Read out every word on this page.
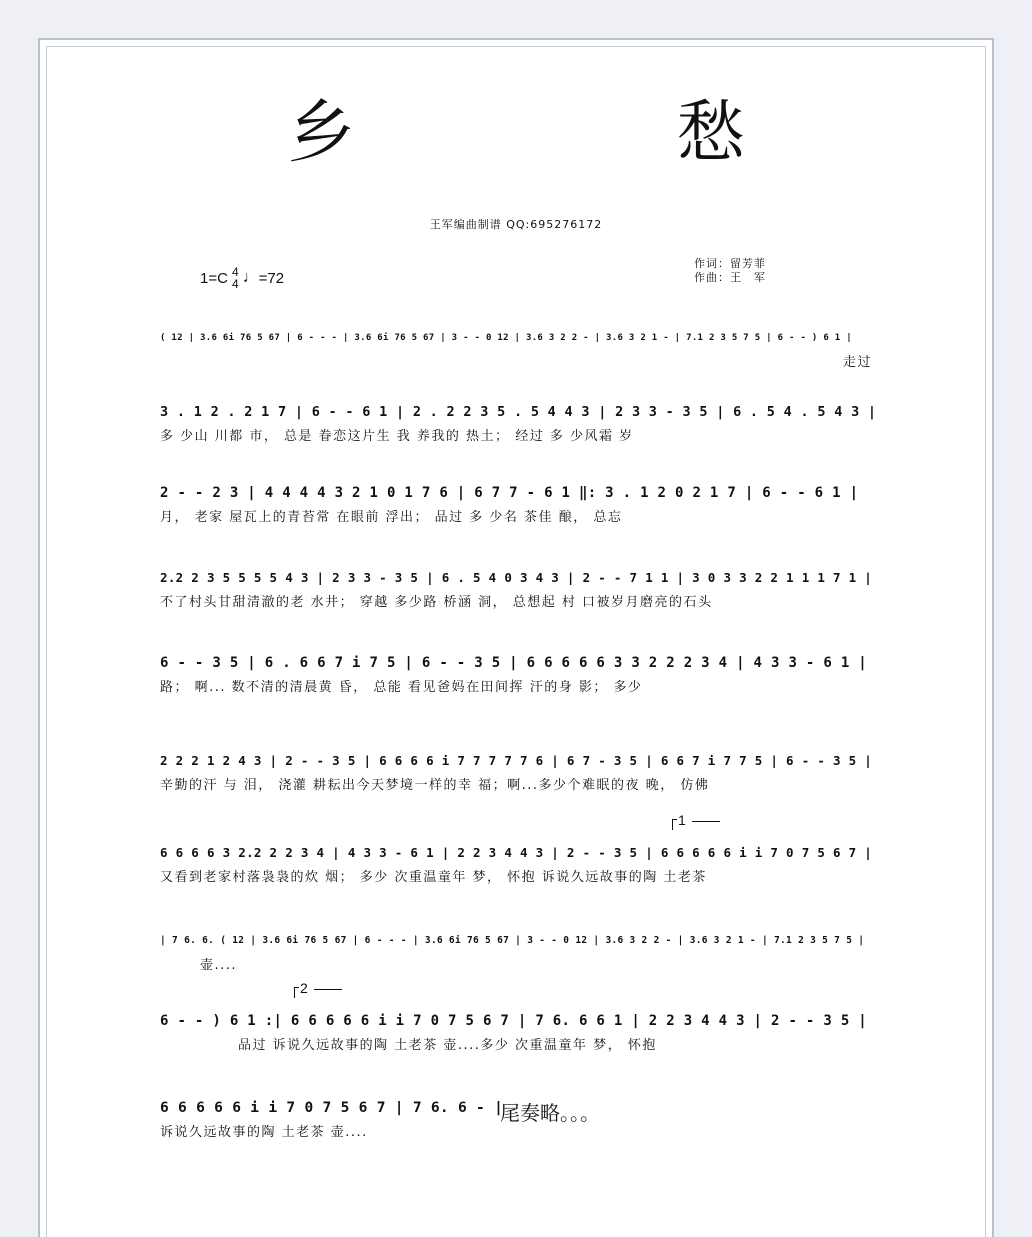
乡 愁
王军编曲制谱 QQ:695276172
1=C 4
4 ♩ =72
作词：留芳菲
作曲：王　军
( 12 | 3.6 6i 76 5 67 | 6 - - - | 3.6 6i 76 5 67 | 3 - - 0 12 | 3.6 3 2 2 - | 3.6 3 2 1 - | 7.1 2 3 5 7 5 | 6 - - ) 6 1 |
走过
3 . 1 2 . 2 1 7 | 6 - - 6 1 | 2 . 2 2 3 5 . 5 4 4 3 | 2 3 3 - 3 5 | 6 . 5 4 . 5 4 3 |
多 少山 川都 市， 总是 眷恋这片生 我 养我的 热土； 经过 多 少风霜 岁
2 - - 2 3 | 4 4 4 4 3 2 1 0 1 7 6 | 6 7 7 - 6 1 ‖: 3 . 1 2 0 2 1 7 | 6 - - 6 1 |
月， 老家 屋瓦上的青苔常 在眼前 浮出； 品过 多 少名 茶佳 酿， 总忘
2.2 2 3 5 5 5 5 4 3 | 2 3 3 - 3 5 | 6 . 5 4 0 3 4 3 | 2 - - 7 1 1 | 3 0 3 3 2 2 1 1 1 7 1 |
不了村头甘甜清澈的老 水井； 穿越 多少路 桥涵 洞， 总想起 村 口被岁月磨亮的石头
6 - - 3 5 | 6 . 6 6 7 i 7 5 | 6 - - 3 5 | 6 6 6 6 6 3 3 2 2 2 3 4 | 4 3 3 - 6 1 |
路； 啊... 数不清的清晨黄 昏， 总能 看见爸妈在田间挥 汗的身 影； 多少
2 2 2 1 2 4 3 | 2 - - 3 5 | 6 6 6 6 i 7 7 7 7 7 6 | 6 7 - 3 5 | 6 6 7 i 7 7 5 | 6 - - 3 5 |
辛勤的汗 与 泪， 浇灌 耕耘出今天梦境一样的幸 福；啊...多少个难眠的夜 晚， 仿佛
1
6 6 6 6 3 2.2 2 2 3 4 | 4 3 3 - 6 1 | 2 2 3 4 4 3 | 2 - - 3 5 | 6 6 6 6 6 i i 7 0 7 5 6 7 |
又看到老家村落袅袅的炊 烟； 多少 次重温童年 梦， 怀抱 诉说久远故事的陶 土老茶
| 7 6. 6. ( 12 | 3.6 6i 76 5 67 | 6 - - - | 3.6 6i 76 5 67 | 3 - - 0 12 | 3.6 3 2 2 - | 3.6 3 2 1 - | 7.1 2 3 5 7 5 |
壶....
2
6 - - ) 6 1 :| 6 6 6 6 6 i i 7 0 7 5 6 7 | 7 6. 6 6 1 | 2 2 3 4 4 3 | 2 - - 3 5 |
品过 诉说久远故事的陶 土老茶 壶....多少 次重温童年 梦， 怀抱
6 6 6 6 6 i i 7 0 7 5 6 7 | 7 6. 6 - |
诉说久远故事的陶 土老茶 壶....
尾奏略。。。
